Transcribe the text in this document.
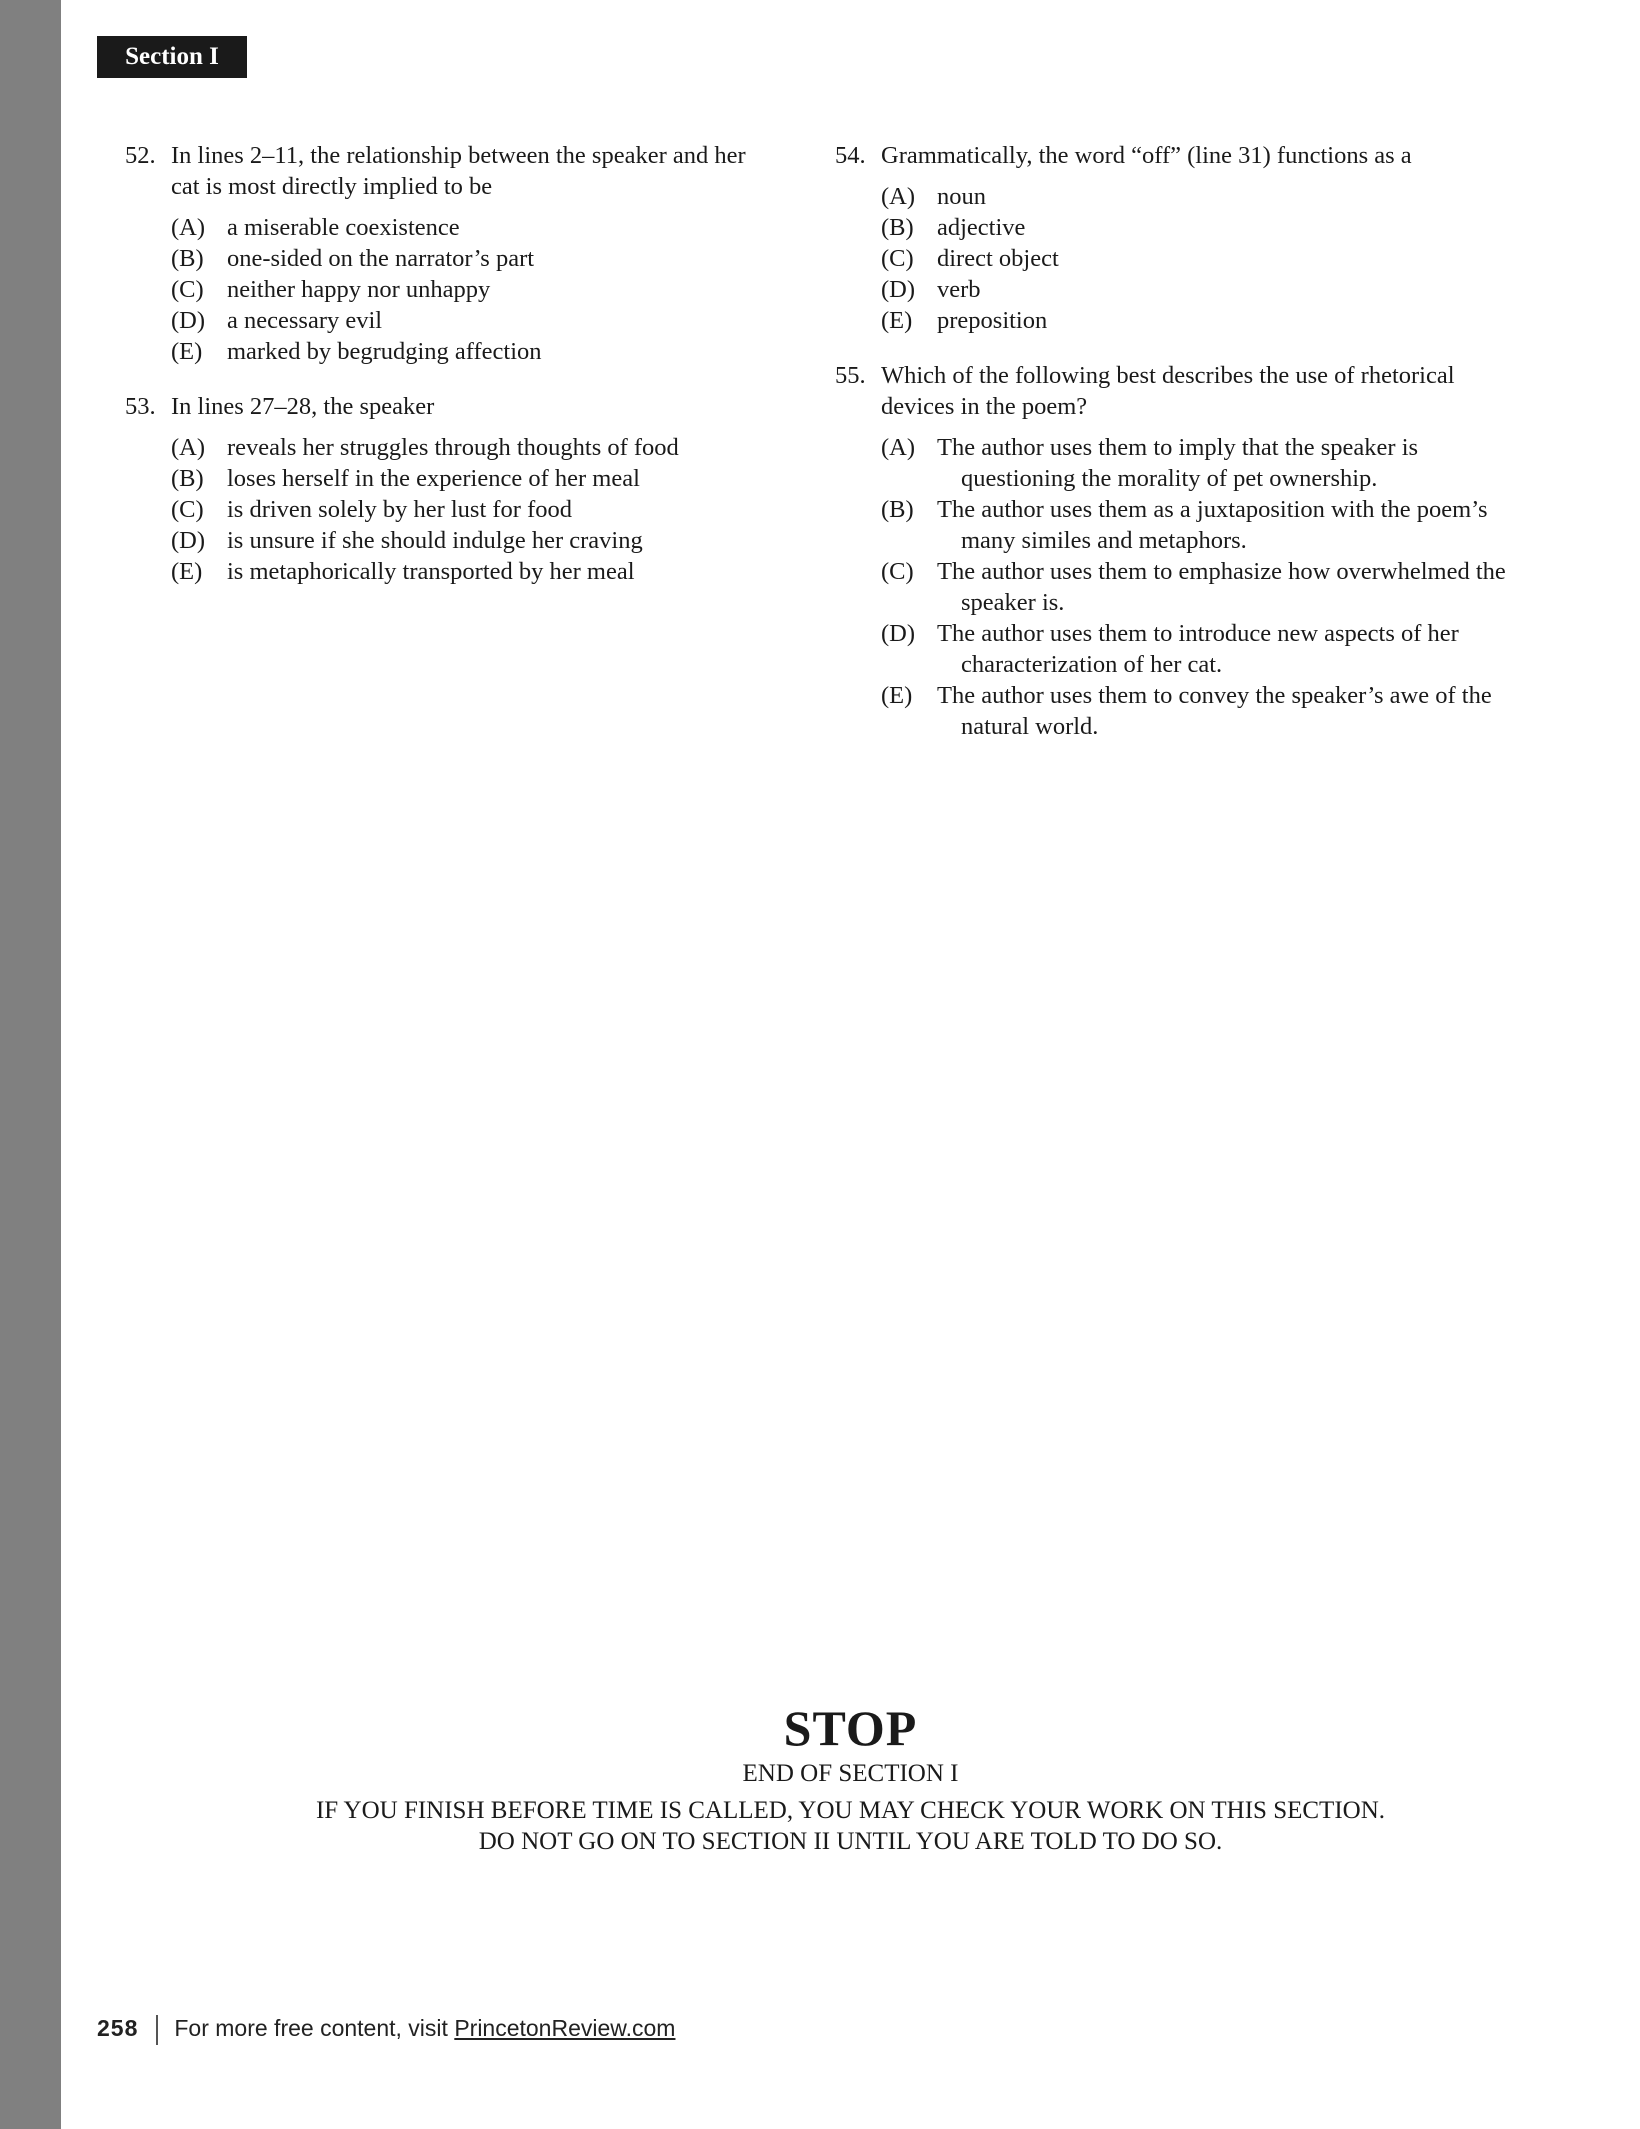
Section I
52. In lines 2–11, the relationship between the speaker and her cat is most directly implied to be
(A) a miserable coexistence
(B) one-sided on the narrator’s part
(C) neither happy nor unhappy
(D) a necessary evil
(E) marked by begrudging affection
53. In lines 27–28, the speaker
(A) reveals her struggles through thoughts of food
(B) loses herself in the experience of her meal
(C) is driven solely by her lust for food
(D) is unsure if she should indulge her craving
(E) is metaphorically transported by her meal
54. Grammatically, the word “off” (line 31) functions as a
(A) noun
(B) adjective
(C) direct object
(D) verb
(E) preposition
55. Which of the following best describes the use of rhetorical devices in the poem?
(A) The author uses them to imply that the speaker is questioning the morality of pet ownership.
(B) The author uses them as a juxtaposition with the poem’s many similes and metaphors.
(C) The author uses them to emphasize how overwhelmed the speaker is.
(D) The author uses them to introduce new aspects of her characterization of her cat.
(E) The author uses them to convey the speaker’s awe of the natural world.
STOP
END OF SECTION I
IF YOU FINISH BEFORE TIME IS CALLED, YOU MAY CHECK YOUR WORK ON THIS SECTION.
DO NOT GO ON TO SECTION II UNTIL YOU ARE TOLD TO DO SO.
258 For more free content, visit PrincetonReview.com
